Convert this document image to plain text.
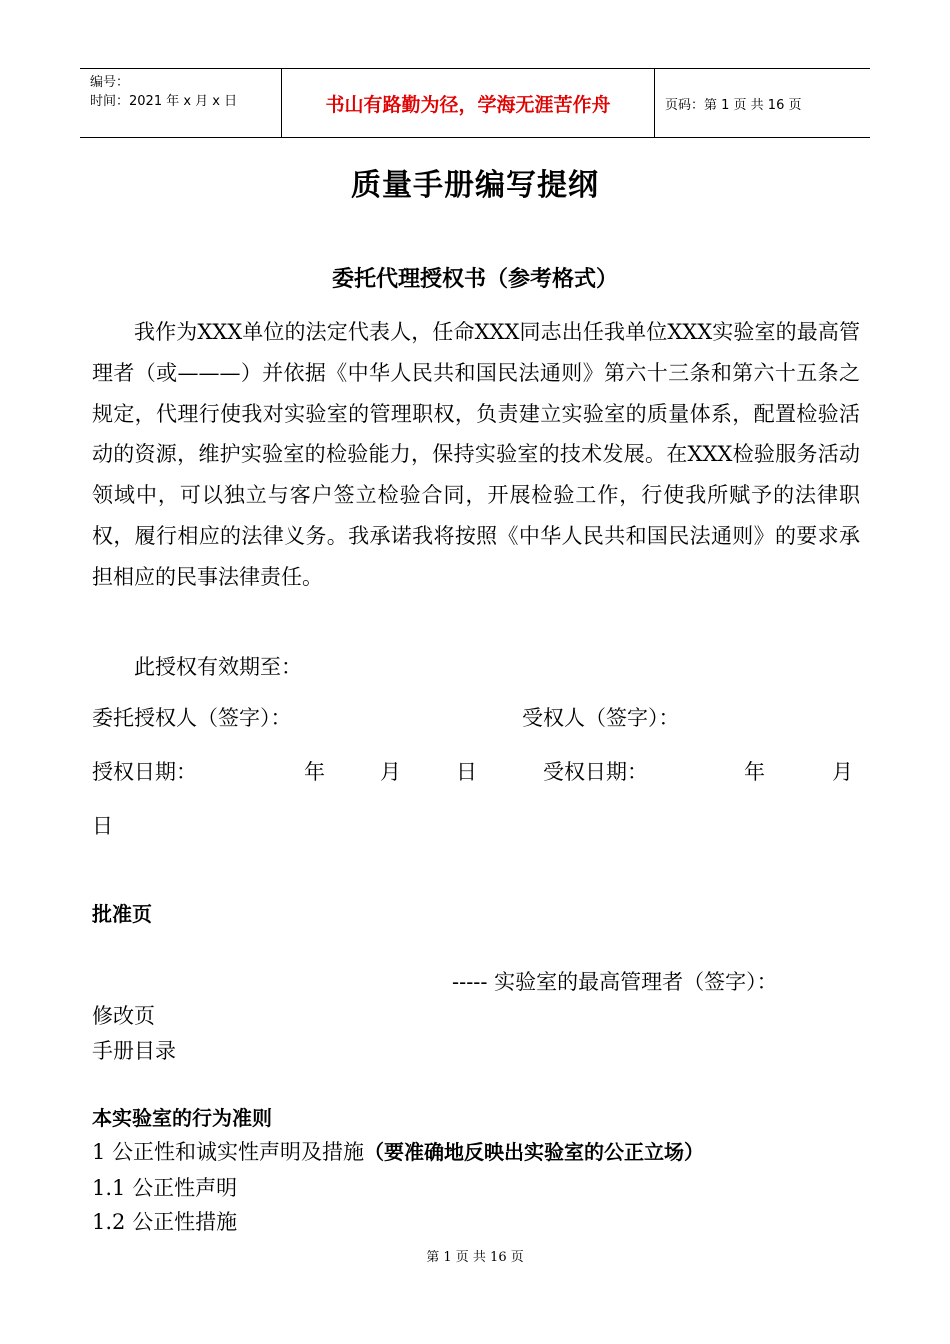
编号：
时间：2021 年 x 月 x 日	书山有路勤为径，学海无涯苦作舟	页码：第 1 页 共 16 页
质量手册编写提纲
委托代理授权书（参考格式）
我作为XXX单位的法定代表人，任命XXX同志出任我单位XXX实验室的最高管理者（或———）并依据《中华人民共和国民法通则》第六十三条和第六十五条之规定，代理行使我对实验室的管理职权，负责建立实验室的质量体系，配置检验活动的资源，维护实验室的检验能力，保持实验室的技术发展。在XXX检验服务活动领域中，可以独立与客户签立检验合同，开展检验工作，行使我所赋予的法律职权，履行相应的法律义务。我承诺我将按照《中华人民共和国民法通则》的要求承担相应的民事法律责任。
此授权有效期至：
委托授权人（签字）：	受权人（签字）：
授权日期：	年	月	日	受权日期：	年	月
日
批准页
----- 实验室的最高管理者（签字）：
修改页
手册目录
本实验室的行为准则
1 公正性和诚实性声明及措施（要准确地反映出实验室的公正立场）
1.1 公正性声明
1.2 公正性措施
第 1 页 共 16 页
